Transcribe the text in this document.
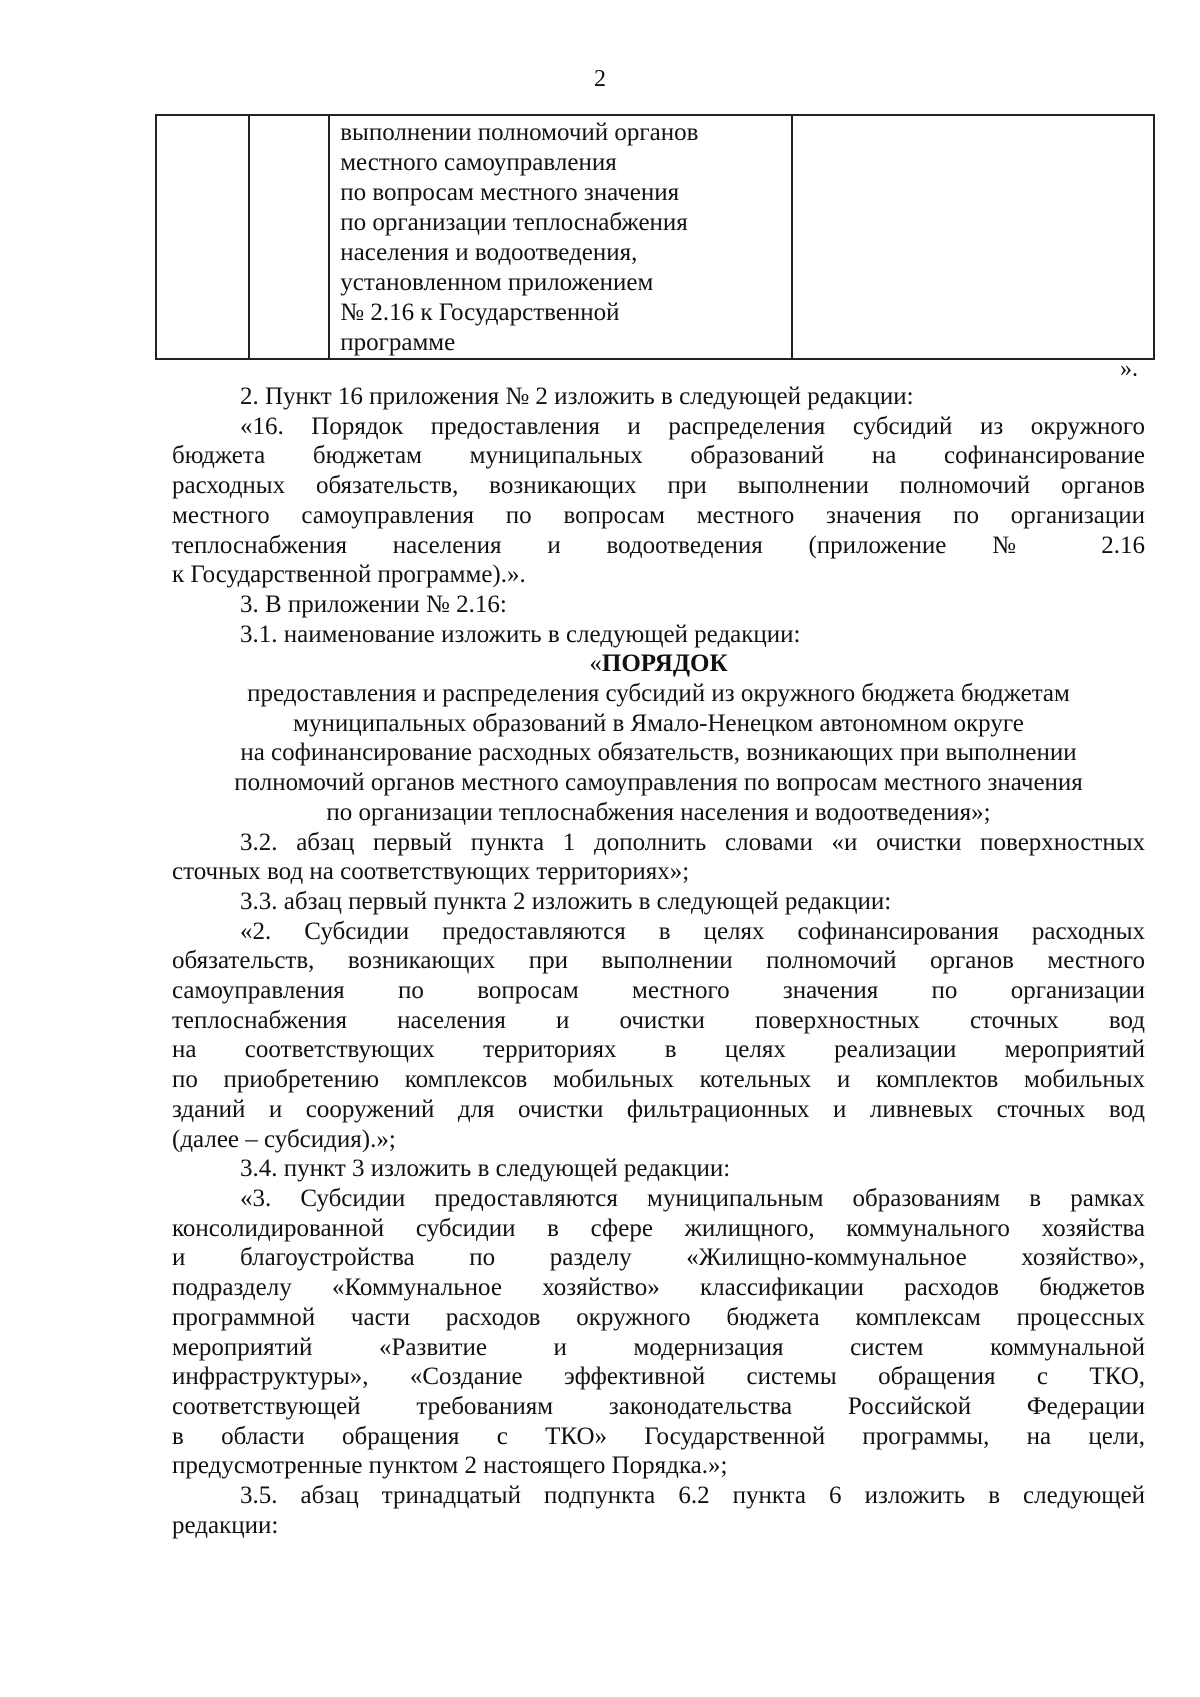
2

выполнении полномочий органов
местного самоуправления
по вопросам местного значения
по организации теплоснабжения
населения и водоотведения,
установленном приложением
№ 2.16 к Государственной
программе

».

2. Пункт 16 приложения № 2 изложить в следующей редакции:

«16. Порядок предоставления и распределения субсидий из окружного
бюджета бюджетам муниципальных образований на софинансирование
расходных обязательств, возникающих при выполнении полномочий органов
местного самоуправления по вопросам местного значения по организации
теплоснабжения населения и водоотведения (приложение № 2.16

к Государственной программе).».

3. В приложении № 2.16:

3.1. наименование изложить в следующей редакции:

«ПОРЯДОК

предоставления и распределения субсидий из окружного бюджета бюджетам

муниципальных образований в Ямало-Ненецком автономном округе

на софинансирование расходных обязательств, возникающих при выполнении

полномочий органов местного самоуправления по вопросам местного значения

по организации теплоснабжения населения и водоотведения»;

3.2. абзац первый пункта 1 дополнить словами «и очистки поверхностных

сточных вод на соответствующих территориях»;

3.3. абзац первый пункта 2 изложить в следующей редакции:

«2. Субсидии предоставляются в целях софинансирования расходных
обязательств, возникающих при выполнении полномочий органов местного
самоуправления по вопросам местного значения по организации
теплоснабжения населения и очистки поверхностных сточных вод
на соответствующих территориях в целях реализации мероприятий
по приобретению комплексов мобильных котельных и комплектов мобильных
зданий и сооружений для очистки фильтрационных и ливневых сточных вод

(далее – субсидия).»;

3.4. пункт 3 изложить в следующей редакции:

«3. Субсидии предоставляются муниципальным образованиям в рамках
консолидированной субсидии в сфере жилищного, коммунального хозяйства
и благоустройства по разделу «Жилищно-коммунальное хозяйство»,
подразделу «Коммунальное хозяйство» классификации расходов бюджетов
программной части расходов окружного бюджета комплексам процессных
мероприятий «Развитие и модернизация систем коммунальной
инфраструктуры», «Создание эффективной системы обращения с ТКО,
соответствующей требованиям законодательства Российской Федерации
в области обращения с ТКО» Государственной программы, на цели,

предусмотренные пунктом 2 настоящего Порядка.»;

3.5. абзац тринадцатый подпункта 6.2 пункта 6 изложить в следующей

редакции:
